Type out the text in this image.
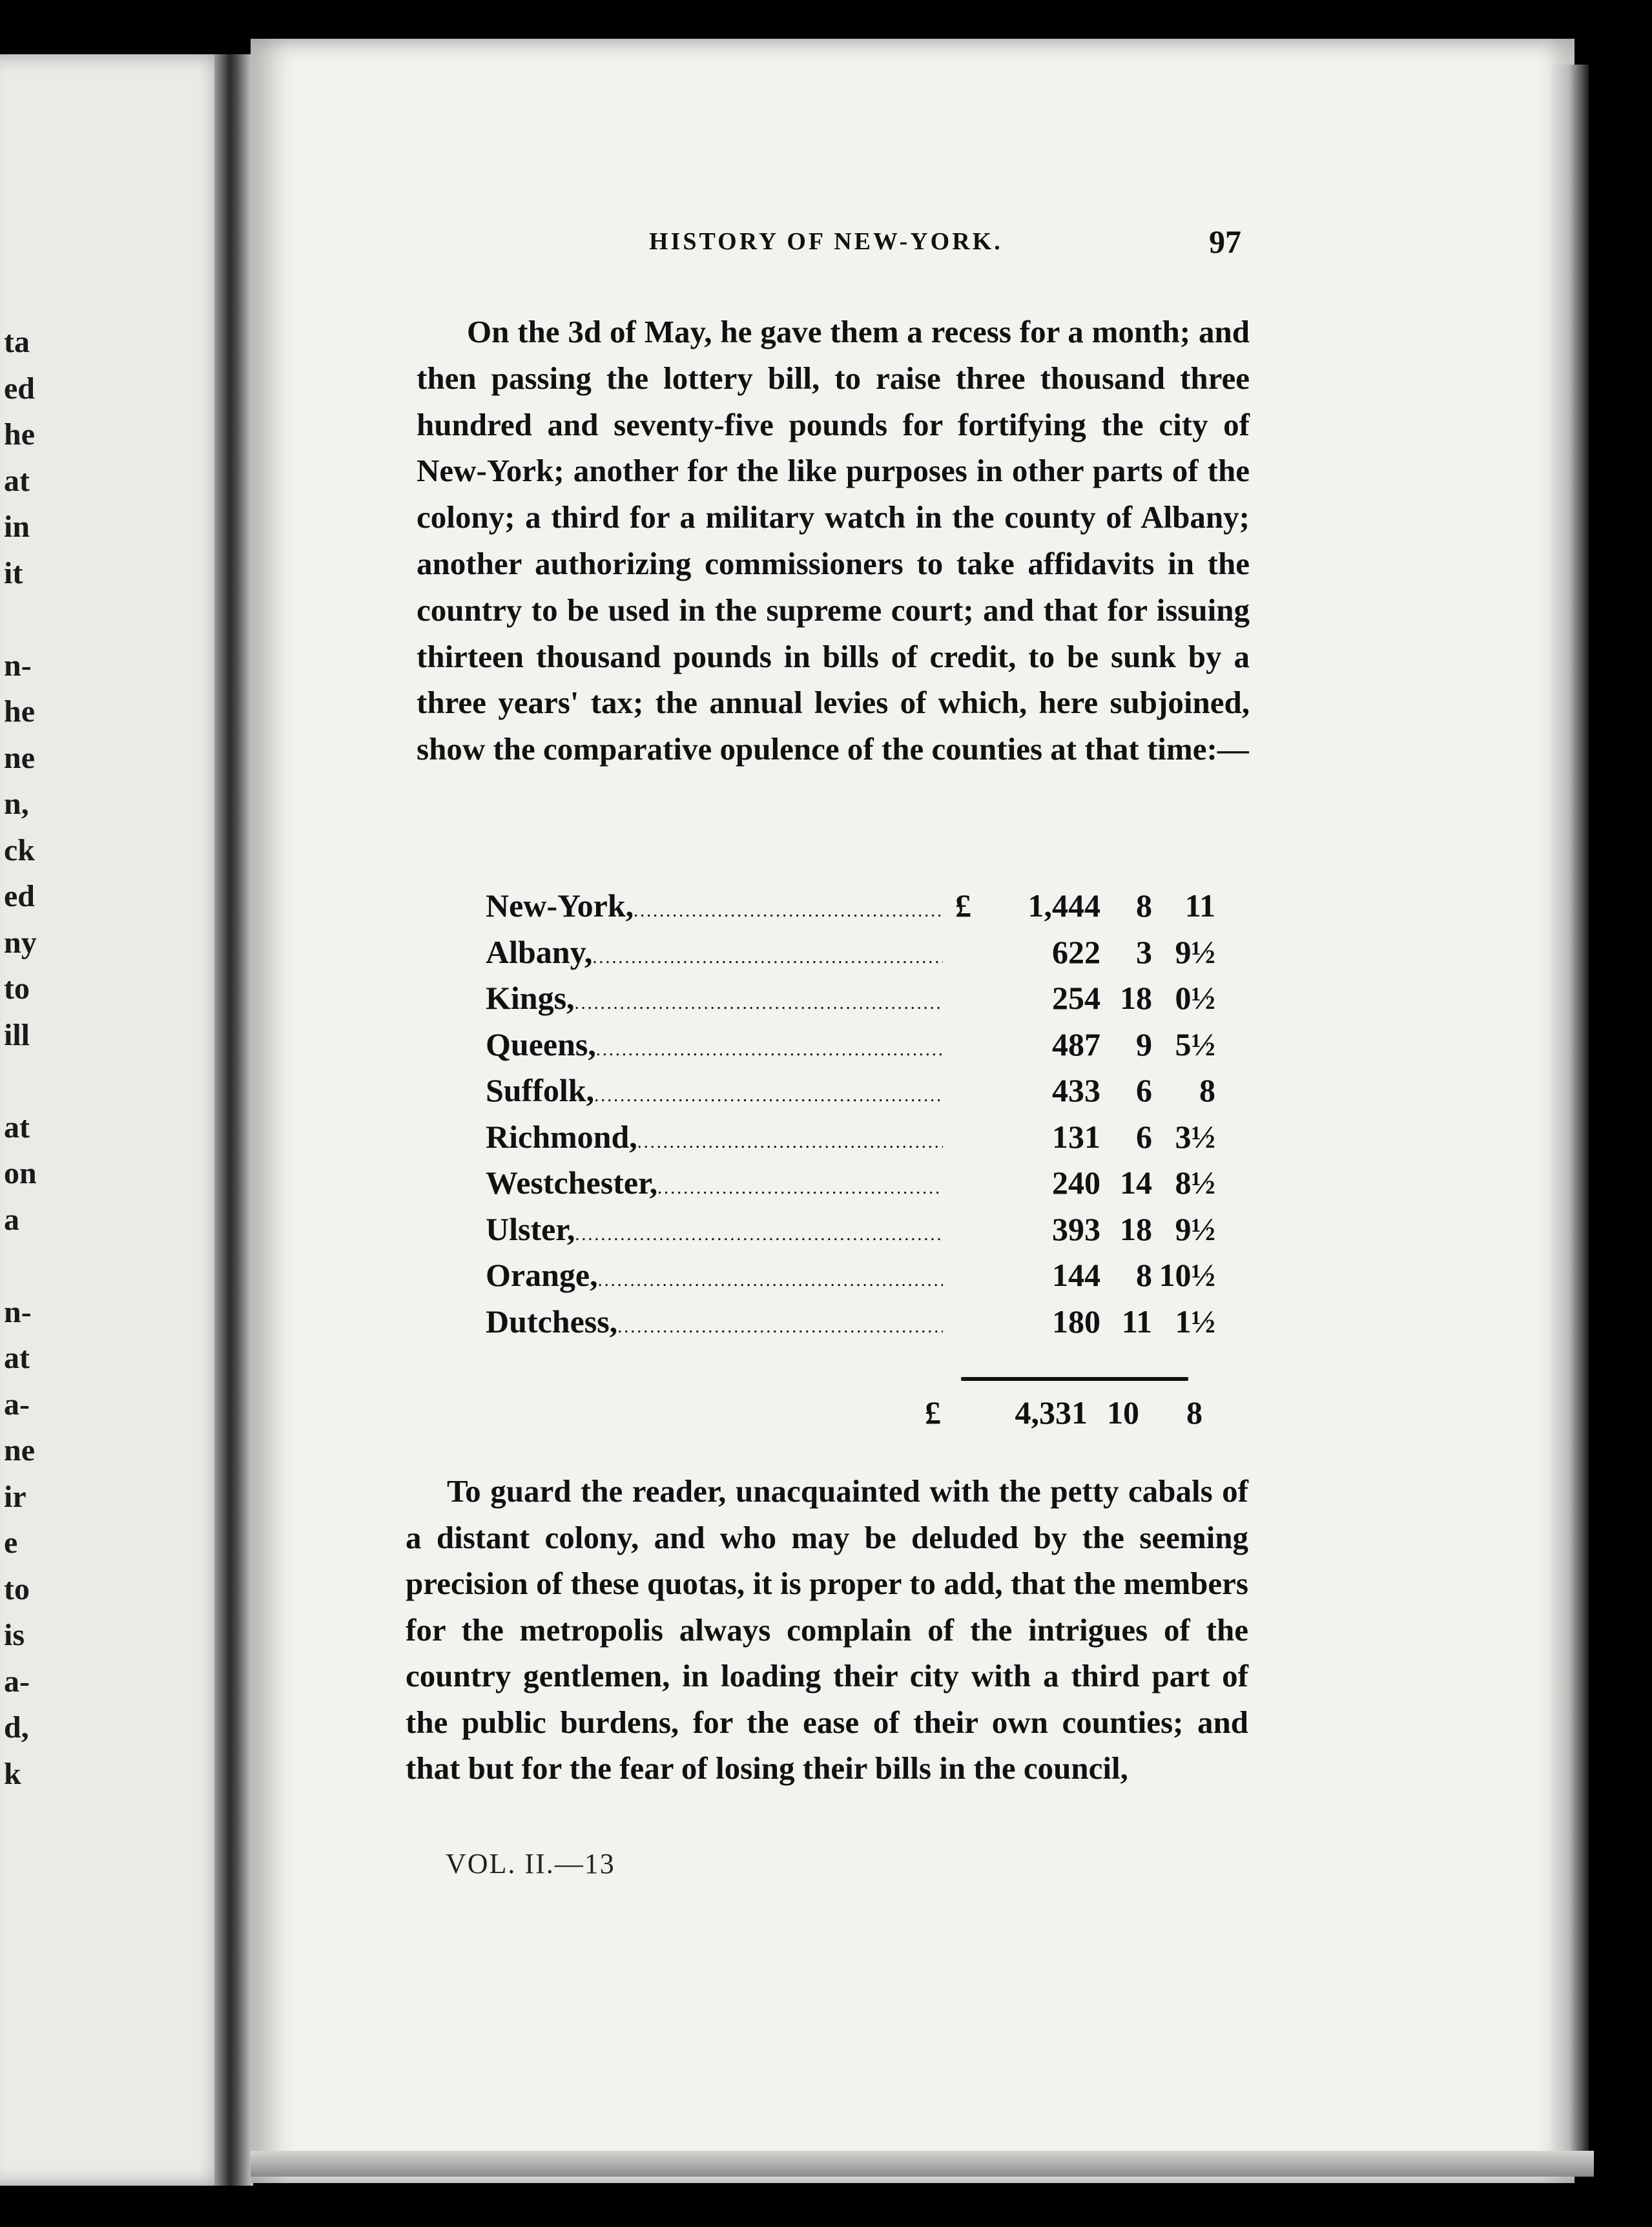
ta
ed
he
at
in
it
n-
he
ne
n,
ck
ed
ny
to
ill
at
on
a
n-
at
a-
ne
ir
e
to
is
a-
d,
k
HISTORY OF NEW-YORK.	97

On the 3d of May, he gave them a recess for a month; and then passing the lottery bill, to raise three thousand three hundred and seventy-five pounds for fortifying the city of New-York; another for the like purposes in other parts of the colony; a third for a military watch in the county of Albany; another authorizing commissioners to take affidavits in the country to be used in the supreme court; and that for issuing thirteen thousand pounds in bills of credit, to be sunk by a three years' tax; the annual levies of which, here subjoined, show the comparative opulence of the counties at that time:—

New-York, .....	£	1,444	8	11
Albany, .....	622	3 9½
Kings, .....	254 18 0½
Queens, .....	487	9 5½
Suffolk, .....	433	6	8
Richmond, .....	131	6 3½
Westchester, .....	240 14 8½
Ulster, .....	393 18 9½
Orange, .....	144	8 10½
Dutchess, .....	180 11 1½
£	4,331 10	8

To guard the reader, unacquainted with the petty cabals of a distant colony, and who may be deluded by the seeming precision of these quotas, it is proper to add, that the members for the metropolis always complain of the intrigues of the country gentlemen, in loading their city with a third part of the public burdens, for the ease of their own counties; and that but for the fear of losing their bills in the council,

VOL. II.—13
